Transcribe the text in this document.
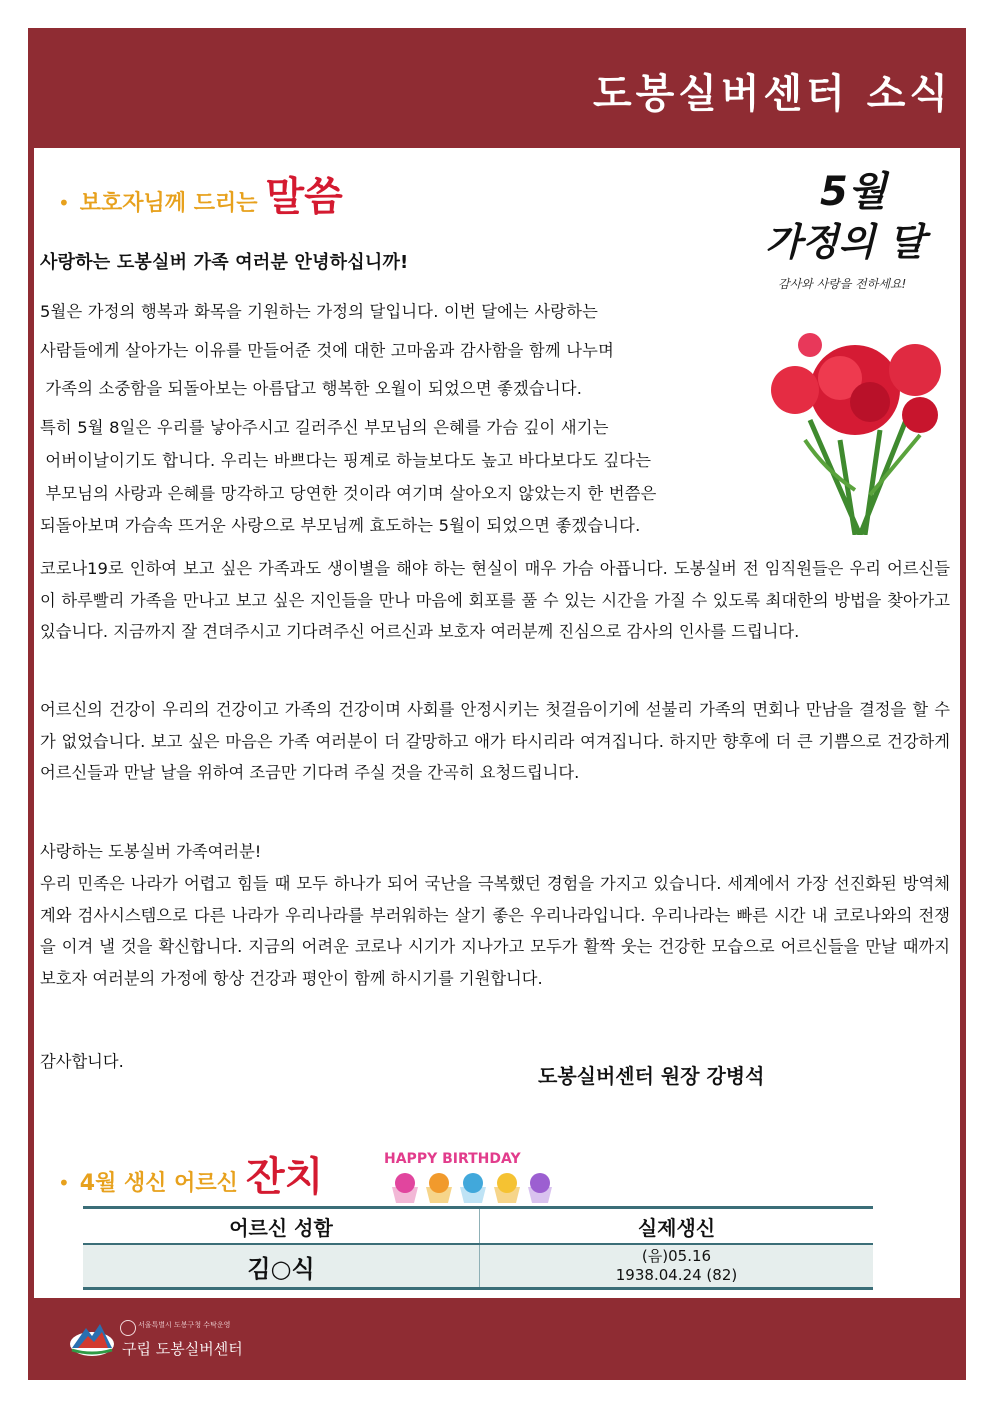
도봉실버센터 소식
• 보호자님께 드리는 말씀	5월
가정의 달
감사와 사랑을 전하세요!
사랑하는 도봉실버 가족 여러분 안녕하십니까!
5월은 가정의 행복과 화목을 기원하는 가정의 달입니다. 이번 달에는 사랑하는
사람들에게 살아가는 이유를 만들어준 것에 대한 고마움과 감사함을 함께 나누며
가족의 소중함을 되돌아보는 아름답고 행복한 오월이 되었으면 좋겠습니다.
특히 5월 8일은 우리를 낳아주시고 길러주신 부모님의 은혜를 가슴 깊이 새기는
어버이날이기도 합니다. 우리는 바쁘다는 핑계로 하늘보다도 높고 바다보다도 깊다는
부모님의 사랑과 은혜를 망각하고 당연한 것이라 여기며 살아오지 않았는지 한 번쯤은
되돌아보며 가슴속 뜨거운 사랑으로 부모님께 효도하는 5월이 되었으면 좋겠습니다.
코로나19로 인하여 보고 싶은 가족과도 생이별을 해야 하는 현실이 매우 가슴 아픕니다. 도봉실버 전 임직원들은 우리 어르신들이 하루빨리 가족을 만나고 보고 싶은 지인들을 만나 마음에 회포를 풀 수 있는 시간을 가질 수 있도록 최대한의 방법을 찾아가고 있습니다. 지금까지 잘 견뎌주시고 기다려주신 어르신과 보호자 여러분께 진심으로 감사의 인사를 드립니다.
어르신의 건강이 우리의 건강이고 가족의 건강이며 사회를 안정시키는 첫걸음이기에 섣불리 가족의 면회나 만남을 결정을 할 수가 없었습니다. 보고 싶은 마음은 가족 여러분이 더 갈망하고 애가 타시리라 여겨집니다. 하지만 향후에 더 큰 기쁨으로 건강하게 어르신들과 만날 날을 위하여 조금만 기다려 주실 것을 간곡히 요청드립니다.
사랑하는 도봉실버 가족여러분!
우리 민족은 나라가 어렵고 힘들 때 모두 하나가 되어 국난을 극복했던 경험을 가지고 있습니다. 세계에서 가장 선진화된 방역체계와 검사시스템으로 다른 나라가 우리나라를 부러워하는 살기 좋은 우리나라입니다. 우리나라는 빠른 시간 내 코로나와의 전쟁을 이겨 낼 것을 확신합니다. 지금의 어려운 코로나 시기가 지나가고 모두가 활짝 웃는 건강한 모습으로 어르신들을 만날 때까지 보호자 여러분의 가정에 항상 건강과 평안이 함께 하시기를 기원합니다.
감사합니다.
도봉실버센터 원장 강병석
• 4월 생신 어르신 잔치	HAPPY BIRTHDAY
어르신 성함	실제생신
김○식	(음)05.16
1938.04.24 (82)
서울특별시 도봉구청 수탁운영
구립 도봉실버센터
